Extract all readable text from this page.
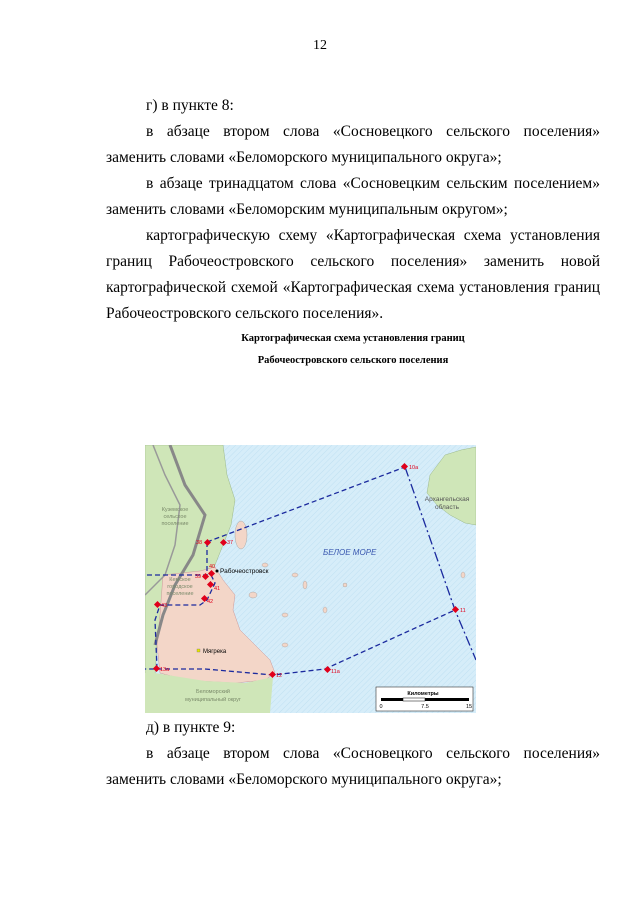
12

г) в пункте 8:

в абзаце втором слова «Сосновецкого сельского поселения» заменить словами «Беломорского муниципального округа»;

в абзаце тринадцатом слова «Сосновецким сельским поселением» заменить словами «Беломорским муниципальным округом»;

картографическую схему «Картографическая схема установления границ Рабочеостровского сельского поселения» заменить новой картографической схемой «Картографическая схема установления границ Рабочеостровского сельского поселения».

Картографическая схема установления границ
Рабочеостровского сельского поселения
10а
38	37
40
39
41
43
42
11
11а
12
13а
Рабочеостровск
Мягрека
БЕЛОЕ МОРЕ
Архангельская
область
Куземское
сельское
поселение
Кемское
городское
поселение
Беломорский
муниципальный округ
Километры
0	7.5	15

д) в пункте 9:

в абзаце втором слова «Сосновецкого сельского поселения» заменить словами «Беломорского муниципального округа»;
